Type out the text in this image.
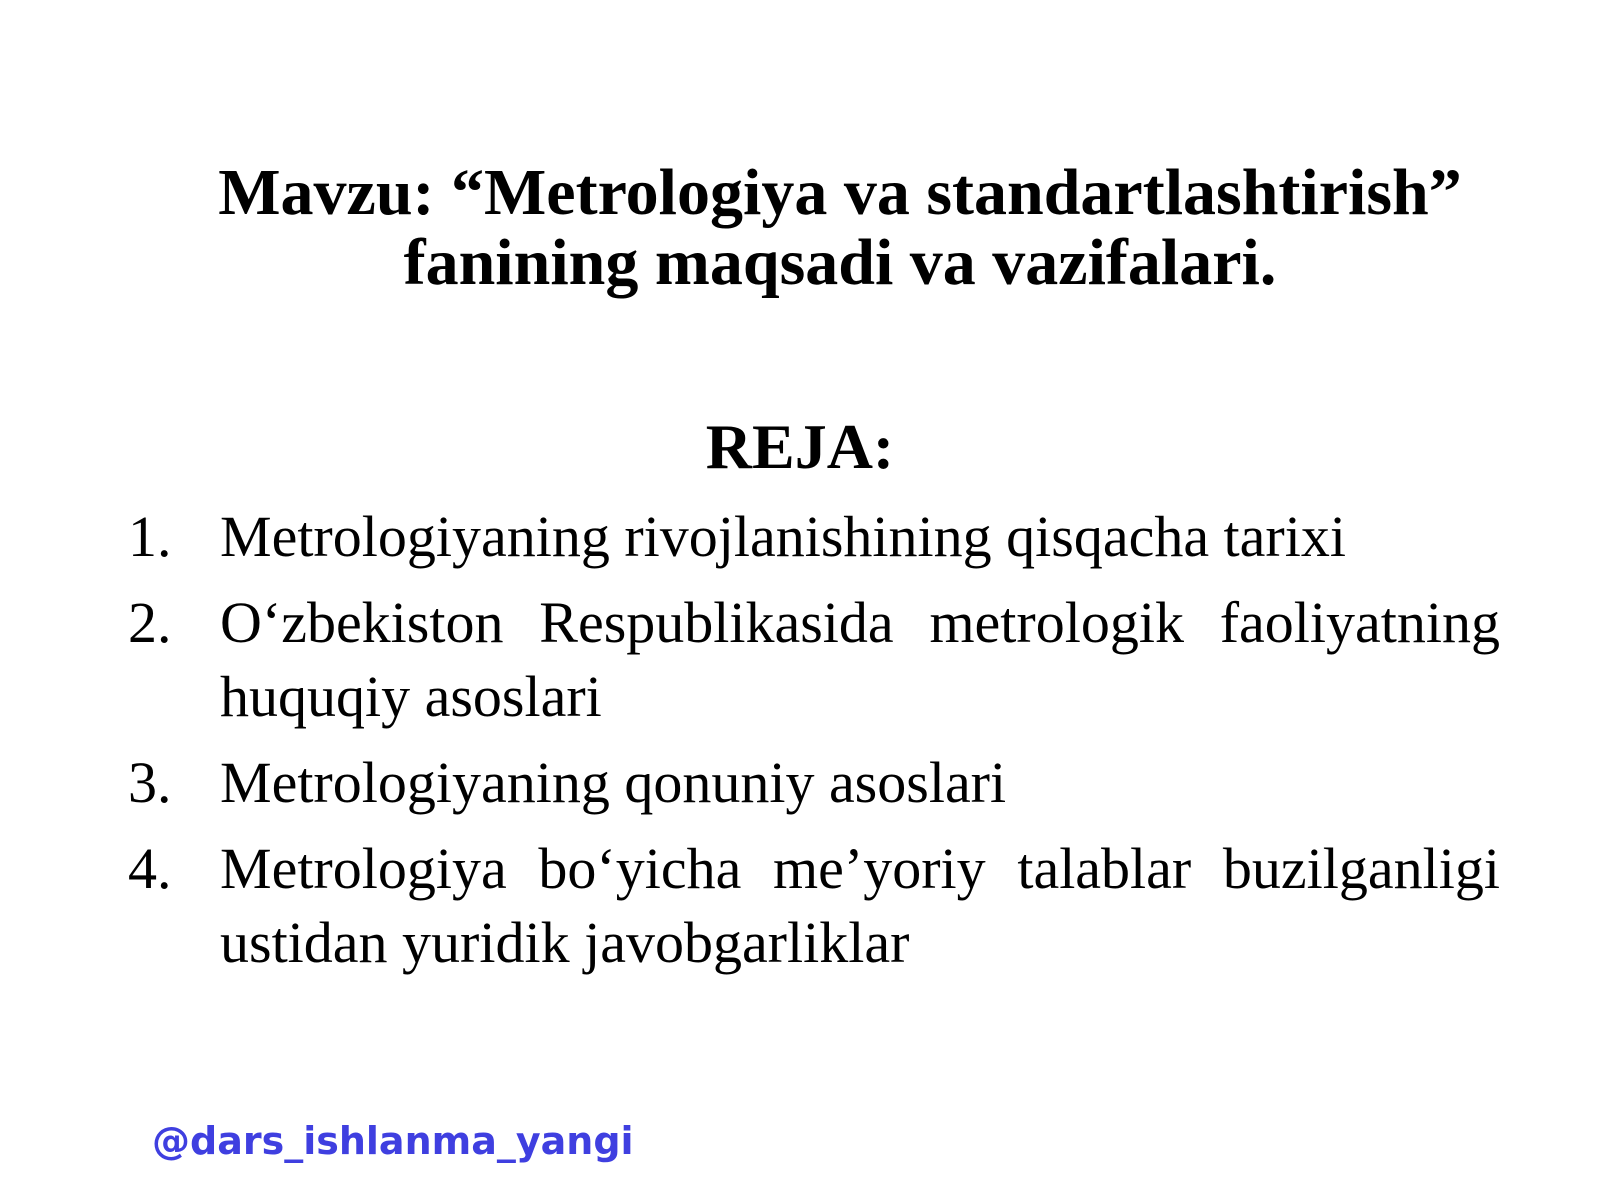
Mavzu: “Metrologiya va standartlashtirish”
fanining maqsadi va vazifalari.
REJA:
1. Metrologiyaning rivojlanishining qisqacha tarixi
2. O‘zbekiston Respublikasida metrologik faoliyatning huquqiy asoslari
3. Metrologiyaning qonuniy asoslari
4. Metrologiya bo‘yicha me’yoriy talablar buzilganligi ustidan yuridik javobgarliklar
@dars_ishlanma_yangi
